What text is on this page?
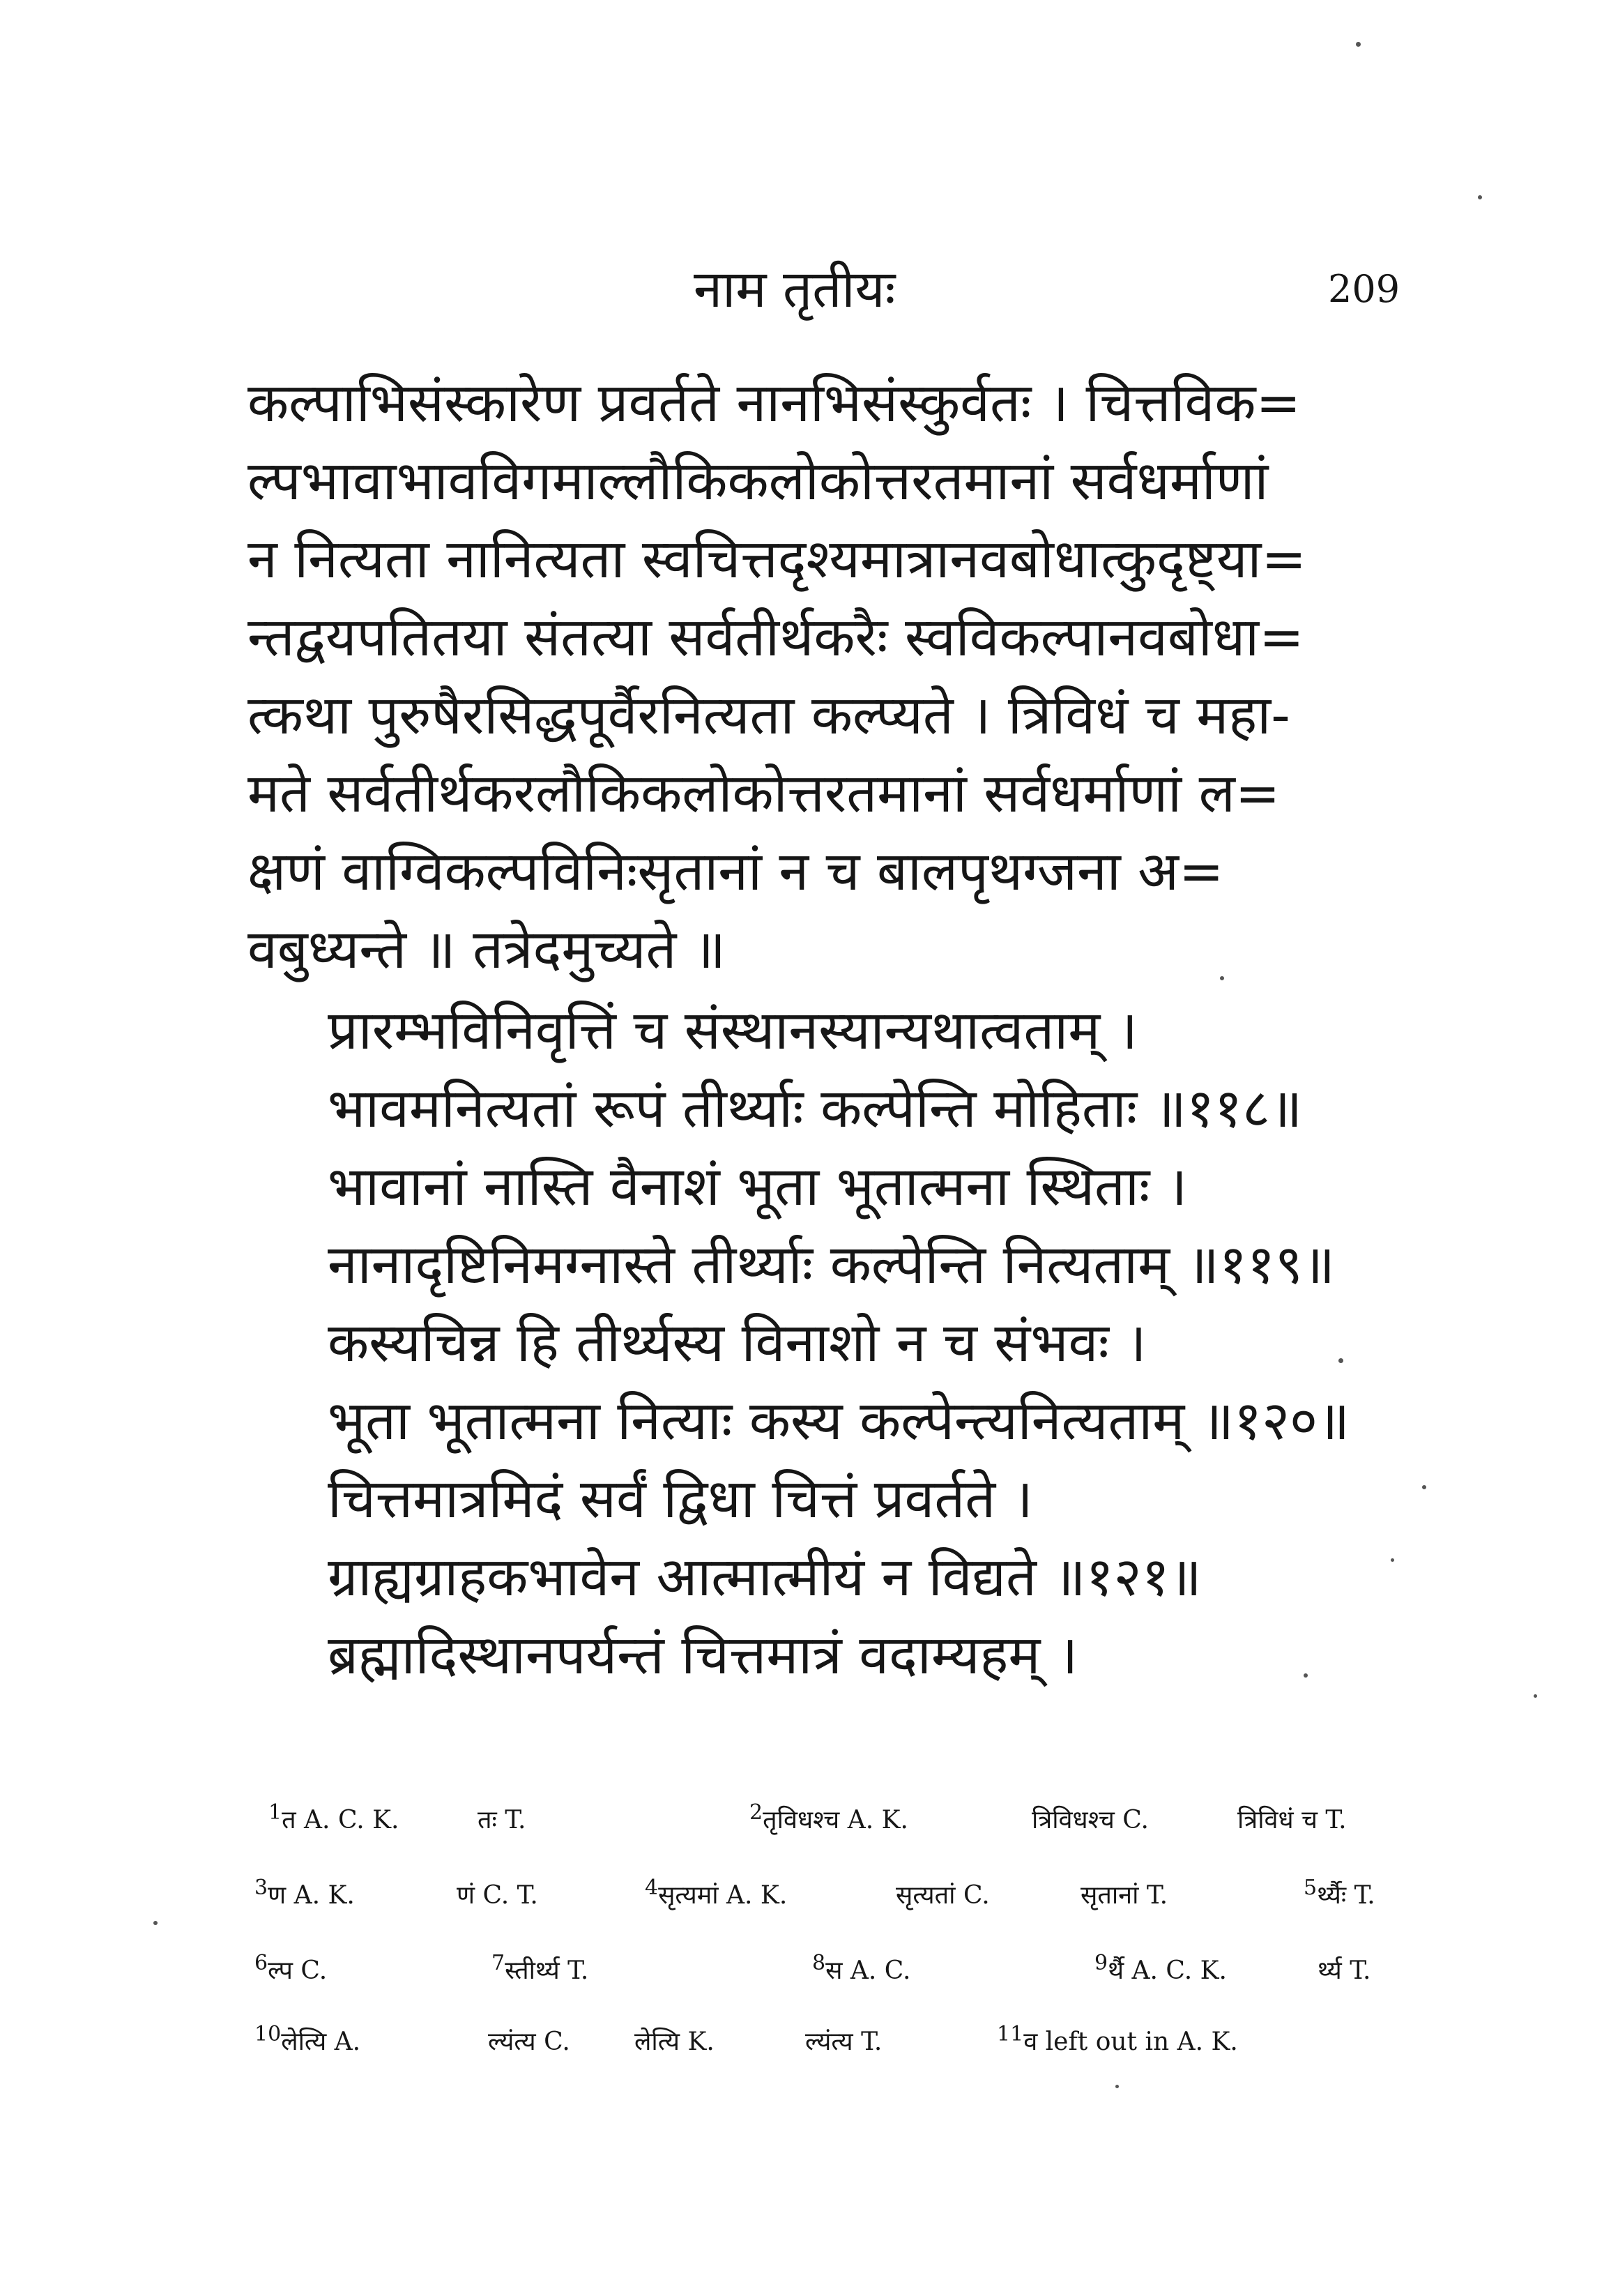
नाम तृतीयः	209
कल्पाभिसंस्कारेण प्रवर्तते नानभिसंस्कुर्वतः । चित्तविक=
ल्पभावाभावविगमाल्लौकिकलोकोत्तरतमानां सर्वधर्माणां
न नित्यता नानित्यता स्वचित्तदृश्यमात्रानवबोधात्कुदृष्ट्या=
न्तद्वयपतितया संतत्या सर्वतीर्थकरैः स्वविकल्पानवबोधा=
त्कथा पुरुषैरसिद्धपूर्वैरनित्यता कल्प्यते । त्रिविधं च महा-
मते सर्वतीर्थकरलौकिकलोकोत्तरतमानां सर्वधर्माणां ल=
क्षणं वाग्विकल्पविनिःसृतानां न च बालपृथग्जना अ=
वबुध्यन्ते ॥ तत्रेदमुच्यते ॥
प्रारम्भविनिवृत्तिं च संस्थानस्यान्यथात्वताम् ।
भावमनित्यतां रूपं तीर्थ्याः कल्पेन्ति मोहिताः ॥११८॥
भावानां नास्ति वैनाशं भूता भूतात्मना स्थिताः ।
नानादृष्टिनिमग्नास्ते तीर्थ्याः कल्पेन्ति नित्यताम् ॥११९॥
कस्यचिन्न हि तीर्थ्यस्य विनाशो न च संभवः ।
भूता भूतात्मना नित्याः कस्य कल्पेन्त्यनित्यताम् ॥१२०॥
चित्तमात्रमिदं सर्वं द्विधा चित्तं प्रवर्तते ।
ग्राह्यग्राहकभावेन आत्मात्मीयं न विद्यते ॥१२१॥
ब्रह्मादिस्थानपर्यन्तं चित्तमात्रं वदाम्यहम् ।
$^1$त A. C. K.	तः T.	$^2$तृविधश्च A. K.	त्रिविधश्च C.	त्रिविधं च T.
$^3$ण A. K.	णं C. T.	$^4$सृत्यमां A. K.	सृत्यतां C.	सृतानां T.	$^5$र्थ्यैः T.
$^6$ल्प C.	$^7$स्तीर्थ्य T.	$^8$स A. C.	$^9$र्थै A. C. K.	र्थ्य T.
$^{10}$लेत्यि A.	ल्यंत्य C.	लेत्यि K.	ल्यंत्य T.	$^{11}$व left out in A. K.
